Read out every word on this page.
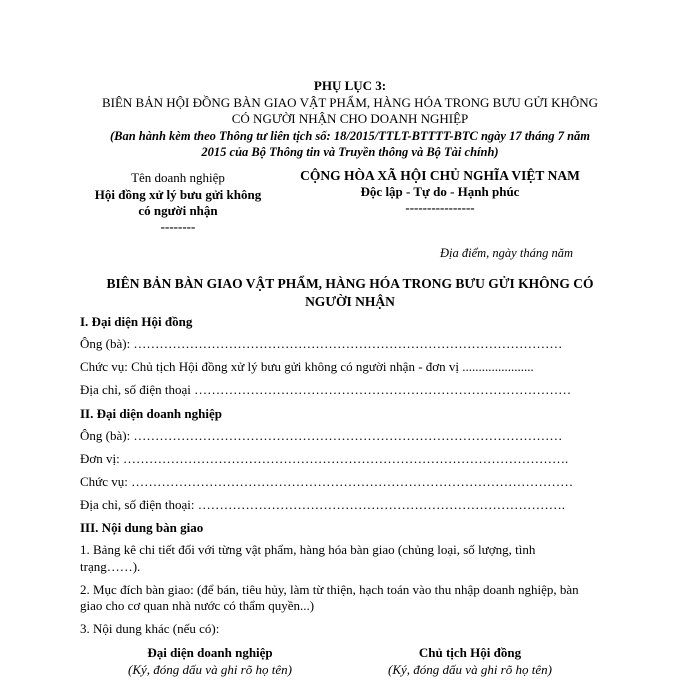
PHỤ LỤC 3:
BIÊN BẢN HỘI ĐỒNG BÀN GIAO VẬT PHẨM, HÀNG HÓA TRONG BƯU GỬI KHÔNG
CÓ NGƯỜI NHẬN CHO DOANH NGHIỆP
(Ban hành kèm theo Thông tư liên tịch số: 18/2015/TTLT-BTTTT-BTC ngày 17 tháng 7 năm
2015 của Bộ Thông tin và Truyền thông và Bộ Tài chính)
Tên doanh nghiệp
Hội đồng xử lý bưu gửi không
có người nhận
--------
CỘNG HÒA XÃ HỘI CHỦ NGHĨA VIỆT NAM
Độc lập - Tự do - Hạnh phúc
----------------
Địa điểm, ngày tháng năm
BIÊN BẢN BÀN GIAO VẬT PHẨM, HÀNG HÓA TRONG BƯU GỬI KHÔNG CÓ
NGƯỜI NHẬN
I. Đại diện Hội đồng
Ông (bà): ………………………………………………………………………………………
Chức vụ: Chủ tịch Hội đồng xử lý bưu gửi không có người nhận - đơn vị ......................
Địa chỉ, số điện thoại ……………………………………………………………………………
II. Đại diện doanh nghiệp
Ông (bà): ………………………………………………………………………………………
Đơn vị: ………………………………………………………………………………………….
Chức vụ: …………………………………………………………………………………………
Địa chỉ, số điện thoại: ………………………………………………………………………….
III. Nội dung bàn giao
1. Bảng kê chi tiết đối với từng vật phẩm, hàng hóa bàn giao (chủng loại, số lượng, tình
trạng……).
2. Mục đích bàn giao: (để bán, tiêu hủy, làm từ thiện, hạch toán vào thu nhập doanh nghiệp, bàn
giao cho cơ quan nhà nước có thẩm quyền...)
3. Nội dung khác (nếu có):
Đại diện doanh nghiệp
(Ký, đóng dấu và ghi rõ họ tên)
Chủ tịch Hội đồng
(Ký, đóng dấu và ghi rõ họ tên)
